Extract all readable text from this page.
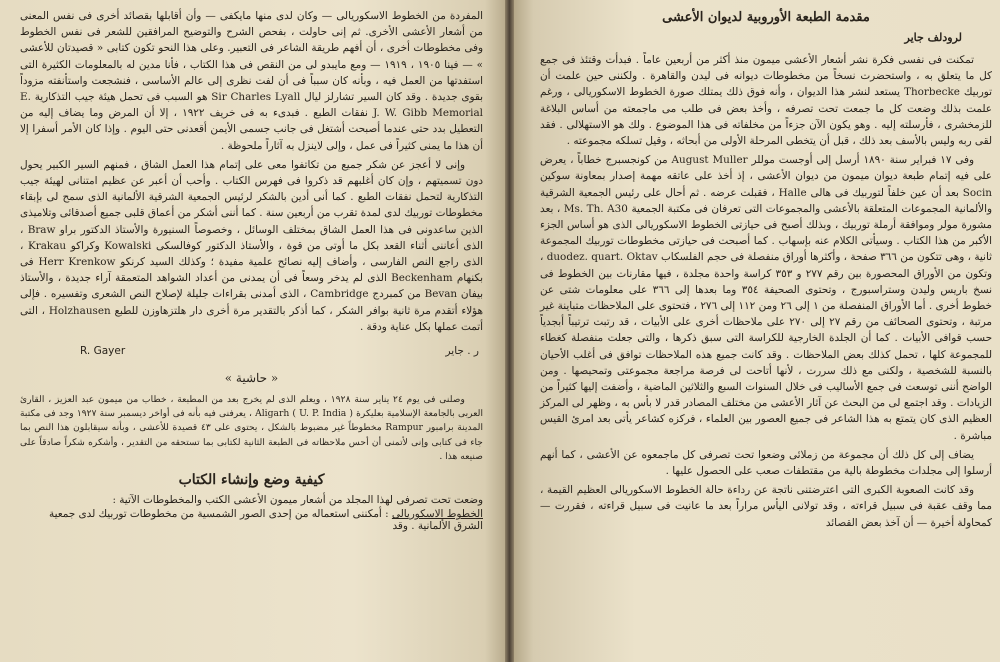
المفردة من الخطوط الاسكوريالى — وكان لدى منها مايكفى — وأن أقابلها بقصائد أخرى فى نفس المعنى من أشعار الأعشى الأخرى. ثم إنى حاولت ، بفحص الشرح والتوضيح المرافقين للشعر فى نفس الخطوط وفى مخطوطات أخرى ، أن أفهم طريقة الشاعر فى التعبير. وعلى هذا النحو تكون كتابى « قصيدتان للأعشى » — فينا ١٩٠٥ ، ١٩١٩ — ومع مايبدو لى من النقص فى هذا الكتاب ، فأنا مدين له بالمعلومات الكثيرة التى استفدتها من العمل فيه ، وبأنه كان سبباً فى أن لفت نظرى إلى عالم الأساسى ، فنشجعت واستأنفته مزوداً بقوى جديدة . وقد كان السير تشارلز ليال Sir Charles Lyall هو السبب فى تحمل هيئة جيب التذكارية E. J. W. Gibb Memorial نفقات الطبع . فبدىء به فى خريف ١٩٢٢ ، إلا أن المرض وما يضاف إليه من التعطيل بدد حتى عندما أصبحت أشتغل فى جانب جسمى الأيمن أقعدنى حتى اليوم . وإذا كان الأمر أسفرا إلا أن هذا ما يمنى كثيراً فى عمل ، وإلى لاينزل به آثاراً ملحوظة .

وإنى لا أعجز عن شكر جميع من تكاتفوا معى على إتمام هذا العمل الشاق ، فمنهم السير الكبير يحول دون تسميتهم ، وإن كان أغلبهم قد ذكروا فى فهرس الكتاب . وأحب أن أعبر عن عظيم امتنانى لهيئة جيب التذكارية لتحمل نفقات الطبع . كما أنى أدين بالشكر لرئيس الجمعية الشرقية الألمانية الذى سمح لى بإبقاء مخطوطات توربيك لدى لمدة تقرب من أربعين سنة . كما أننى أشكر من أعماق قلبى جميع أصدقائى وتلاميذى الذين ساعدونى فى هذا العمل الشاق بمختلف الوسائل ، وخصوصاً السنيورة والأستاذ الدكتور براو Braw ، الذى أعاننى أثناء القعد بكل ما أوتى من قوة ، والأستاذ الدكتور كوفالسكى Kowalski وكراكو Krakau ، الذى راجع النص الفارسى ، وأضاف إليه نصائح علمية مفيدة ؛ وكذلك السيد كرنكو Herr Krenkow فى بكنهام Beckenham الذى لم يدخر وسعاً فى أن يمدنى من أعداد الشواهد المتعمقة آراء جديدة ، والأستاذ بيفان Bevan من كمبردج Cambridge ، الذى أمدنى بقراءات جليلة لإصلاح النص الشعرى وتفسيره . فإلى هؤلاء أتقدم مرة ثانية بوافر الشكر ، كما أذكر بالتقدير مرة أخرى دار هلتزهاوزن للطبع Holzhausen ، التى أتمت عملها بكل عناية ودقة .

R. Gayer	ر . جاير
« حاشية »

وصلنى فى يوم ٢٤ يناير سنة ١٩٢٨ ، ويعلم الذى لم يخرج بعد من المطبعة ، خطاب من ميمون عبد العزيز ، القارئ العربى بالجامعة الإسلامية بعليكرة ( U. P. India ) Aligarh ، يعرفنى فيه بأنه فى أواخر ديسمبر سنة ١٩٢٧ وجد فى مكتبة المدينة برامبور Rampur مخطوطاً غير مضبوط بالشكل ، يحتوى على ٤٣ قصيدة للأعشى ، وبأنه سيقابلون هذا النص بما جاء فى كتابى وإنى لأتمنى أن أحس ملاحظاته فى الطبعة الثانية لكتابى بما تستحقه من التقدير ، وأشكره شكراً صادقاً على صنيعه هذا .

كيفية وضع وإنشاء الكتاب
وضعت تحت تصرفى لهذا المجلد من أشعار ميمون الأعشى الكتب والمخطوطات الآتية :
الخطوط الاسكوريالى : أمكننى استعماله من إحدى الصور الشمسية من مخطوطات توربيك لدى جمعية الشرق الألمانية . وقد
مقدمة الطبعة الأوروبية لديوان الأعشى
لرودلف جاير

تمكنت فى نفسى فكرة نشر أشعار الأعشى ميمون منذ أكثر من أربعين عاماً . فبدأت وقتئذ فى جمع كل ما يتعلق به ، واستحضرت نسخاً من مخطوطات ديوانه فى ليدن والقاهرة . ولكننى حين علمت أن توربيك Thorbecke يستعد لنشر هذا الديوان ، وأنه فوق ذلك يمتلك صورة الخطوط الاسكوريالى ، ورغم علمت بذلك وضعت كل ما جمعت تحت تصرفه ، وأخذ بعض فى طلب مى ماجمعته من أساس البلاغة للزمخشرى ، فأرسلته إليه . وهو يكون الآن جزءاً من مخلفاته فى هذا الموضوع . ولك هو الاستهلالى . فقد لقى ربه وليس بالأسف بعد ذلك ، قبل أن يتخطى المرحلة الأولى من أبحاثه ، وقيل تسلكه مجموعته .

وفى ١٧ فبراير سنة ١٨٩٠ أرسل إلى أوجست موللر August Muller من كونجسبرج خطاباً ، يعرض على فيه إتمام طبعة ديوان ميمون من ديوان الأعشى ، إذ أخذ على عاتقه مهمة إصدار بمعاونة سوكين Socin بعد أن عين خلفاً لتوربيك فى هالى Halle ، فقبلت عرضه . ثم أحال على رئيس الجمعية الشرقية والألمانية المجموعات المتعلقة بالأعشى والمجموعات التى تعرفان فى مكتبة الجمعية Ms. Th. A30 ، بعد مشورة مولر وموافقة أرملة توربيك ، وبذلك أصبح فى حيازتى الخطوط الاسكوريالى الذى هو أساس الجزء الأكبر من هذا الكتاب . وسيأتى الكلام عنه بإسهاب . كما أصبحت فى حيازتى مخطوطات توربيك المجموعة ثانية ، وهى تتكون من ٣٦٦ صفحة ، وأكثرها أوراق منفصلة فى حجم الفلسكاب duodez. quart. Oktav ، وتكون من الأوراق المحصورة بين رقم ٢٧٧ و ٣٥٣ كراسة واحدة مجلدة ، فيها مقارنات بين الخطوط فى نسخ باريس وليدن وستراسبورج ، وتحتوى الصحيفة ٣٥٤ وما بعدها إلى ٣٦٦ على معلومات شتى عن خطوط أخرى . أما الأوراق المنفصلة من ١ إلى ٢٦ ومن ١١٢ إلى ٢٧٦ ، فتحتوى على الملاحظات متباينة غير مرتبة ، وتحتوى الصحائف من رقم ٢٧ إلى ٢٧٠ على ملاحظات أخرى على الأبيات ، قد رتبت ترتيباً أبجدياً حسب قوافى الأبيات . كما أن الجلدة الخارجية للكراسة التى سبق ذكرها ، والتى جعلت منفصلة كغطاء للمجموعة كلها ، تحمل كذلك بعض الملاحظات . وقد كانت جميع هذه الملاحظات توافق فى أغلب الأحيان بالنسبة للشخصية ، ولكنى مع ذلك سررت ، لأنها أتاحت لى فرصة مراجعة مجموعتى وتمحيصها . ومن الواضح أننى توسعت فى جمع الأساليب فى خلال السنوات السبع والثلاثين الماضية ، وأضفت إليها كثيراً من الزيادات . وقد اجتمع لى من البحث عن آثار الأعشى من مختلف المصادر قدر لا بأس به ، وظهر لى المركز العظيم الذى كان يتمتع به هذا الشاعر فى جميع العصور بين العلماء ، فركزه كشاعر يأتى بعد امرئ القيس مباشرة .

يضاف إلى كل ذلك أن مجموعة من زملائى وضعوا تحت تصرفى كل ماجمعوه عن الأعشى ، كما أنهم أرسلوا إلى مجلدات مخطوطة بالية من مقتطفات صعب على الحصول عليها .

وقد كانت الصعوبة الكبرى التى اعترضتنى ناتجة عن رداءة حالة الخطوط الاسكوريالى العظيم القيمة ، مما وقف عقبة فى سبيل قراءته ، وقد تولانى اليأس مراراً بعد ما عانيت فى سبيل قراءته ، فقررت — كمحاولة أخيرة — أن آخذ بعض القصائد
